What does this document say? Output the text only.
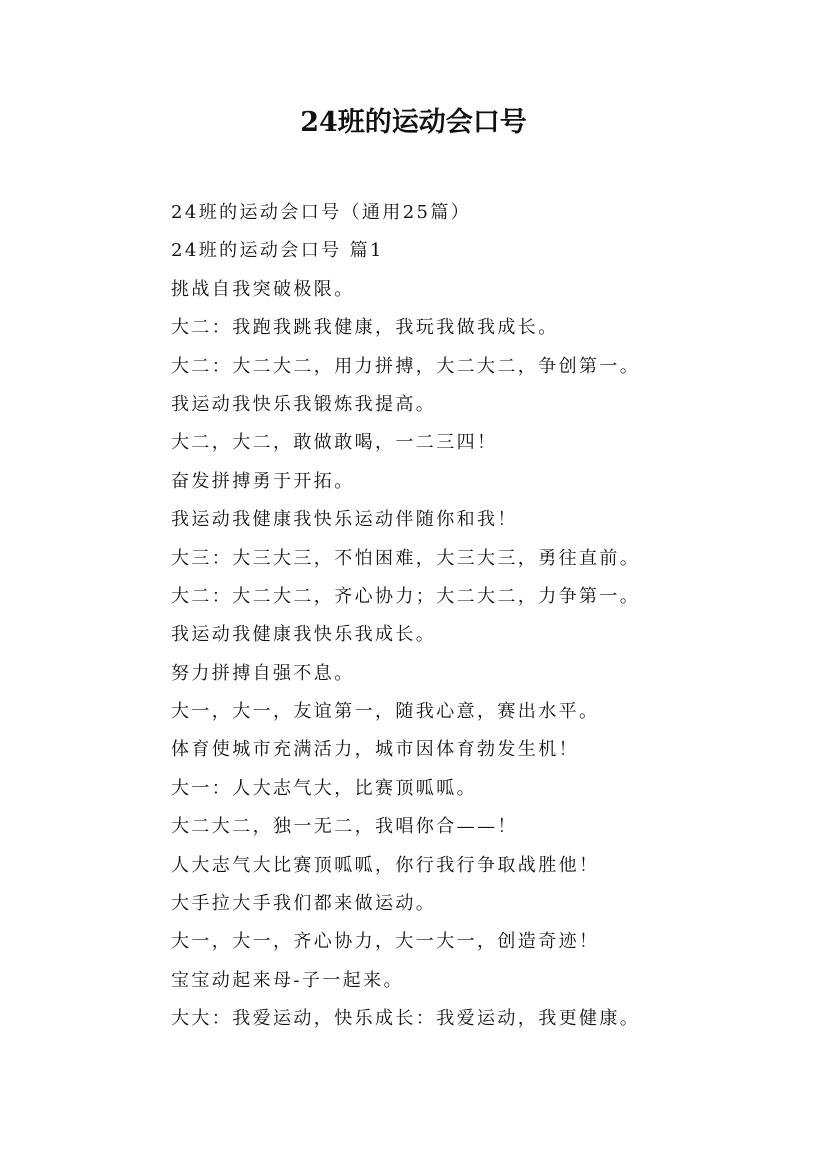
24班的运动会口号
24班的运动会口号（通用25篇）
24班的运动会口号 篇1
挑战自我突破极限。
大二：我跑我跳我健康，我玩我做我成长。
大二：大二大二，用力拼搏，大二大二，争创第一。
我运动我快乐我锻炼我提高。
大二，大二，敢做敢喝，一二三四！
奋发拼搏勇于开拓。
我运动我健康我快乐运动伴随你和我！
大三：大三大三，不怕困难，大三大三，勇往直前。
大二：大二大二，齐心协力；大二大二，力争第一。
我运动我健康我快乐我成长。
努力拼搏自强不息。
大一，大一，友谊第一，随我心意，赛出水平。
体育使城市充满活力，城市因体育勃发生机！
大一：人大志气大，比赛顶呱呱。
大二大二，独一无二，我唱你合——！
人大志气大比赛顶呱呱，你行我行争取战胜他！
大手拉大手我们都来做运动。
大一，大一，齐心协力，大一大一，创造奇迹！
宝宝动起来母-子一起来。
大大：我爱运动，快乐成长：我爱运动，我更健康。
